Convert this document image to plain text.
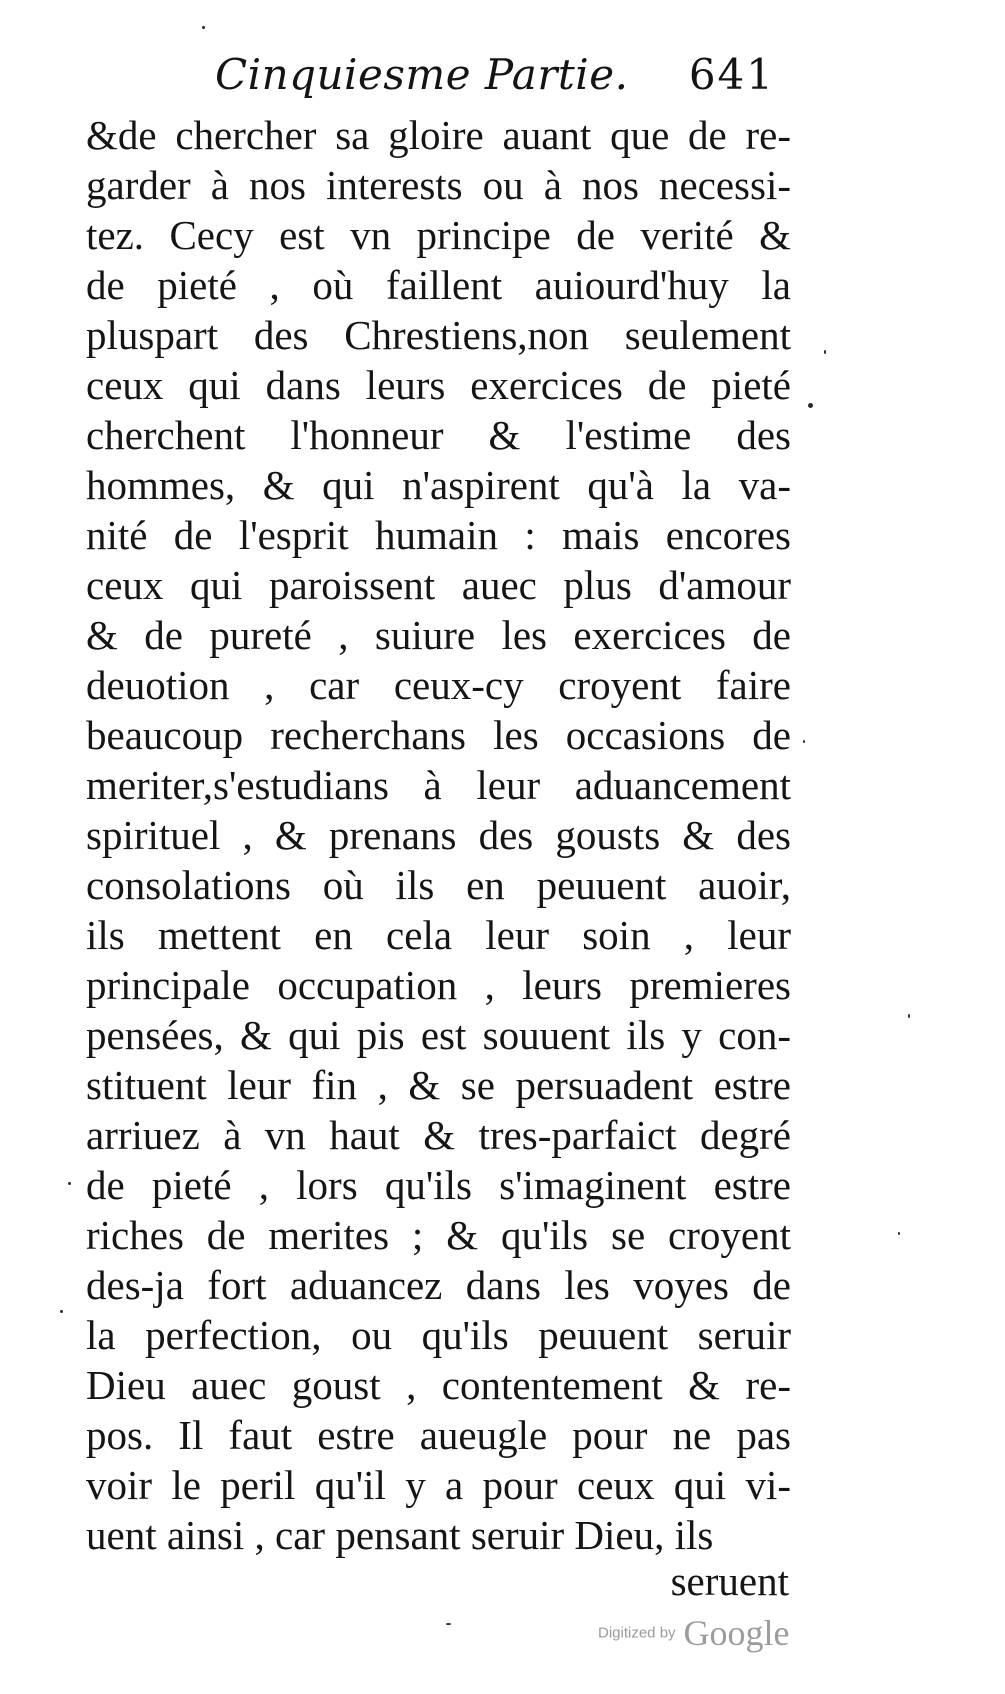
Cinquiesme Partie. 641
&de chercher sa gloire auant que de re-
garder à nos interests ou à nos necessi-
tez. Cecy est vn principe de verité &
de pieté , où faillent auiourd'huy la
pluspart des Chrestiens,non seulement
ceux qui dans leurs exercices de pieté
cherchent l'honneur & l'estime des
hommes, & qui n'aspirent qu'à la va-
nité de l'esprit humain : mais encores
ceux qui paroissent auec plus d'amour
& de pureté , suiure les exercices de
deuotion , car ceux-cy croyent faire
beaucoup recherchans les occasions de
meriter,s'estudians à leur aduancement
spirituel , & prenans des gousts & des
consolations où ils en peuuent auoir,
ils mettent en cela leur soin , leur
principale occupation , leurs premieres
pensées, & qui pis est souuent ils y con-
stituent leur fin , & se persuadent estre
arriuez à vn haut & tres-parfaict degré
de pieté , lors qu'ils s'imaginent estre
riches de merites ; & qu'ils se croyent
des-ja fort aduancez dans les voyes de
la perfection, ou qu'ils peuuent seruir
Dieu auec goust , contentement & re-
pos. Il faut estre aueugle pour ne pas
voir le peril qu'il y a pour ceux qui vi-
uent ainsi , car pensant seruir Dieu, ils
seruent
Digitized by Google
